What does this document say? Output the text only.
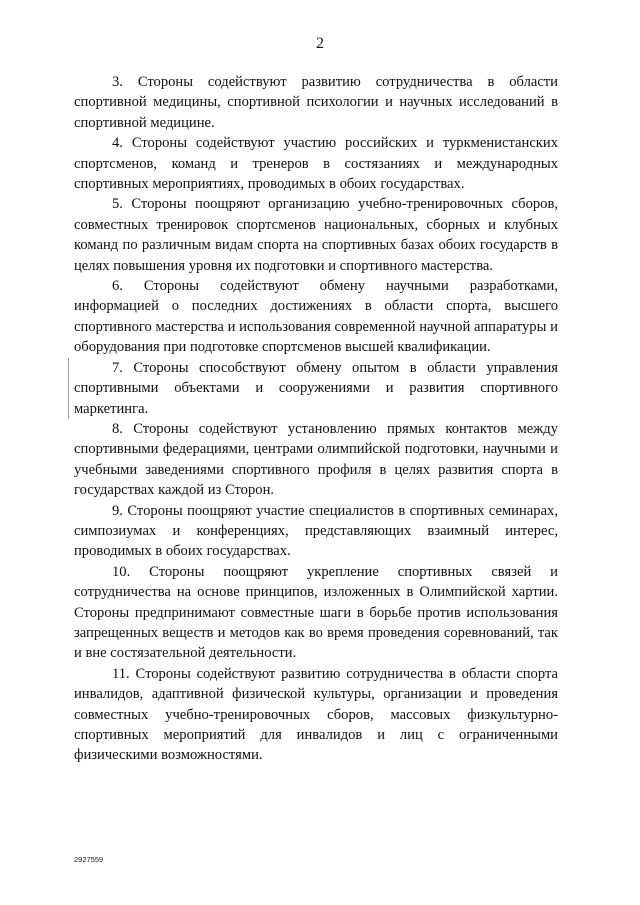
2

3. Стороны содействуют развитию сотрудничества в области спортивной медицины, спортивной психологии и научных исследований в спортивной медицине.

4. Стороны содействуют участию российских и туркменистанских спортсменов, команд и тренеров в состязаниях и международных спортивных мероприятиях, проводимых в обоих государствах.

5. Стороны поощряют организацию учебно-тренировочных сборов, совместных тренировок спортсменов национальных, сборных и клубных команд по различным видам спорта на спортивных базах обоих государств в целях повышения уровня их подготовки и спортивного мастерства.

6. Стороны содействуют обмену научными разработками, информацией о последних достижениях в области спорта, высшего спортивного мастерства и использования современной научной аппаратуры и оборудования при подготовке спортсменов высшей квалификации.

7. Стороны способствуют обмену опытом в области управления спортивными объектами и сооружениями и развития спортивного маркетинга.

8. Стороны содействуют установлению прямых контактов между спортивными федерациями, центрами олимпийской подготовки, научными и учебными заведениями спортивного профиля в целях развития спорта в государствах каждой из Сторон.

9. Стороны поощряют участие специалистов в спортивных семинарах, симпозиумах и конференциях, представляющих взаимный интерес, проводимых в обоих государствах.

10. Стороны поощряют укрепление спортивных связей и сотрудничества на основе принципов, изложенных в Олимпийской хартии. Стороны предпринимают совместные шаги в борьбе против использования запрещенных веществ и методов как во время проведения соревнований, так и вне состязательной деятельности.

11. Стороны содействуют развитию сотрудничества в области спорта инвалидов, адаптивной физической культуры, организации и проведения совместных учебно-тренировочных сборов, массовых физкультурно-спортивных мероприятий для инвалидов и лиц с ограниченными физическими возможностями.

2927559
